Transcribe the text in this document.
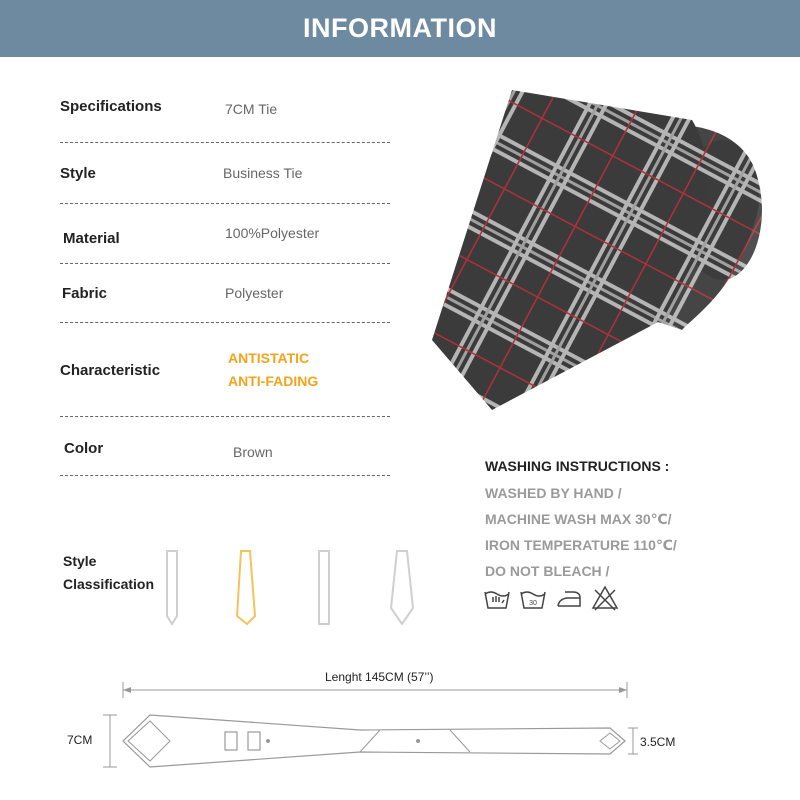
INFORMATION
Specifications	7CM Tie
Style	Business Tie
Material	100%Polyester
Fabric	Polyester
Characteristic
ANTISTATIC
ANTI-FADING
Color	Brown
WASHING INSTRUCTIONS :
WASHED BY HAND /
MACHINE WASH MAX 30℃/
IRON TEMPERATURE 110℃/
DO NOT BLEACH /
30
Style
Classification
Lenght 145CM (57’’)
7CM	3.5CM
